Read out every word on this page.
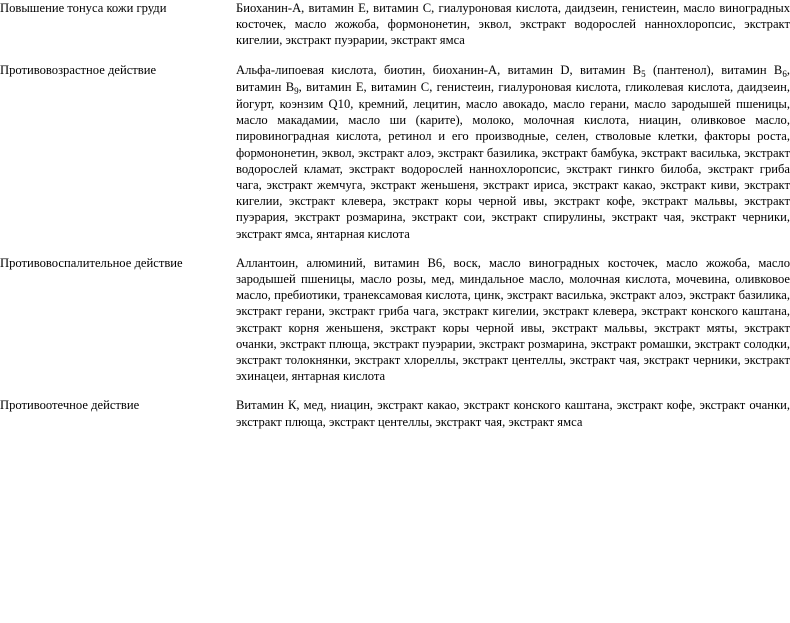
Повышение тонуса кожи груди	Биоханин-А, витамин Е, витамин С, гиалуроновая кислота, даидзеин, генистеин, масло виноградных косточек, масло жожоба, формононетин, эквол, экстракт водорослей наннохлоропсис, экстракт кигелии, экстракт пуэрарии, экстракт ямса

Противовозрастное действие	Альфа-липоевая кислота, биотин, биоханин-А, витамин D, витамин $B_5$ (пантенол), витамин $B_6$, витамин $B_9$, витамин Е, витамин С, генистеин, гиалуроновая кислота, гликолевая кислота, даидзеин, йогурт, коэнзим Q10, кремний, лецитин, масло авокадо, масло герани, масло зародышей пшеницы, масло макадамии, масло ши (карите), молоко, молочная кислота, ниацин, оливковое масло, пировиноградная кислота, ретинол и его производные, селен, стволовые клетки, факторы роста, формононетин, эквол, экстракт алоэ, экстракт базилика, экстракт бамбука, экстракт василька, экстракт водорослей кламат, экстракт водорослей наннохлоропсис, экстракт гинкго билоба, экстракт гриба чага, экстракт жемчуга, экстракт женьшеня, экстракт ириса, экстракт какао, экстракт киви, экстракт кигелии, экстракт клевера, экстракт коры черной ивы, экстракт кофе, экстракт мальвы, экстракт пуэрария, экстракт розмарина, экстракт сои, экстракт спирулины, экстракт чая, экстракт черники, экстракт ямса, янтарная кислота

Противовоспалительное действие	Аллантоин, алюминий, витамин B6, воск, масло виноградных косточек, масло жожоба, масло зародышей пшеницы, масло розы, мед, миндальное масло, молочная кислота, мочевина, оливковое масло, пребиотики, транексамовая кислота, цинк, экстракт василька, экстракт алоэ, экстракт базилика, экстракт герани, экстракт гриба чага, экстракт кигелии, экстракт клевера, экстракт конского каштана, экстракт корня женьшеня, экстракт коры черной ивы, экстракт мальвы, экстракт мяты, экстракт очанки, экстракт плюща, экстракт пуэрарии, экстракт розмарина, экстракт ромашки, экстракт солодки, экстракт толокнянки, экстракт хлореллы, экстракт центеллы, экстракт чая, экстракт черники, экстракт эхинацеи, янтарная кислота

Противоотечное действие	Витамин К, мед, ниацин, экстракт какао, экстракт конского каштана, экстракт кофе, экстракт очанки, экстракт плюща, экстракт центеллы, экстракт чая, экстракт ямса
